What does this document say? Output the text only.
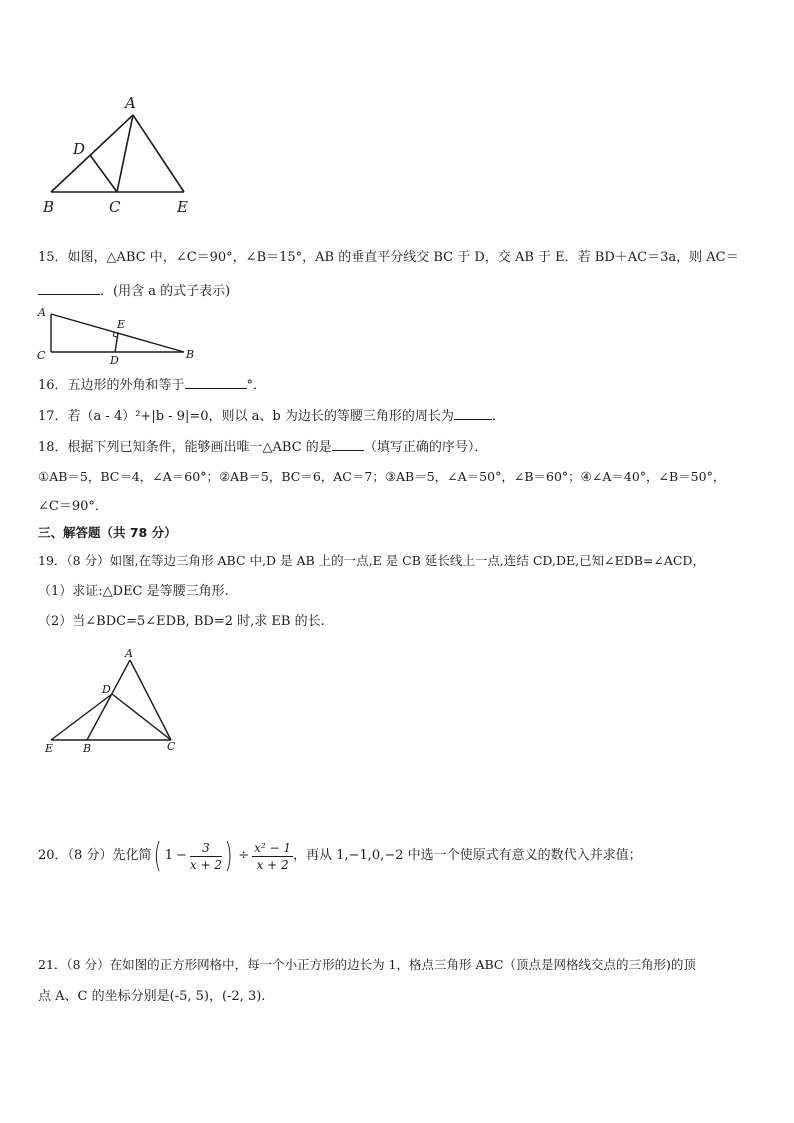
A
D
B	C	E
15．如图，△ABC 中，∠C＝90°，∠B＝15°，AB 的垂直平分线交 BC 于 D，交 AB 于 E．若 BD＋AC＝3a，则 AC＝
．(用含 a 的式子表示)
A
E
C	D	B
16．五边形的外角和等于	°．
17．若（a - 4）²+|b - 9|=0，则以 a、b 为边长的等腰三角形的周长为	．
18．根据下列已知条件，能够画出唯一△ABC 的是 （填写正确的序号）．
①AB＝5，BC＝4，∠A＝60°；②AB＝5，BC＝6，AC＝7；③AB＝5，∠A＝50°，∠B＝60°；④∠A＝40°，∠B＝50°，
∠C＝90°．
三、解答题（共 78 分）
19．（8 分）如图,在等边三角形 ABC 中,D 是 AB 上的一点,E 是 CB 延长线上一点,连结 CD,DE,已知∠EDB=∠ACD，
（1）求证:△DEC 是等腰三角形.
（2）当∠BDC=5∠EDB, BD=2 时,求 EB 的长.
A
D
E	B	C
20．（8 分）先化简 ( $1 - \frac{3}{x + 2}$ ) ÷ $\frac{\text{x² − 1}}{x + 2}$ ，再从 1,−1,0,−2 中选一个使原式有意义的数代入并求值；
21．（8 分）在如图的正方形网格中，每一个小正方形的边长为 1，格点三角形 ABC（顶点是网格线交点的三角形)的顶
点 A、C 的坐标分别是(-5, 5)，(-2, 3).
